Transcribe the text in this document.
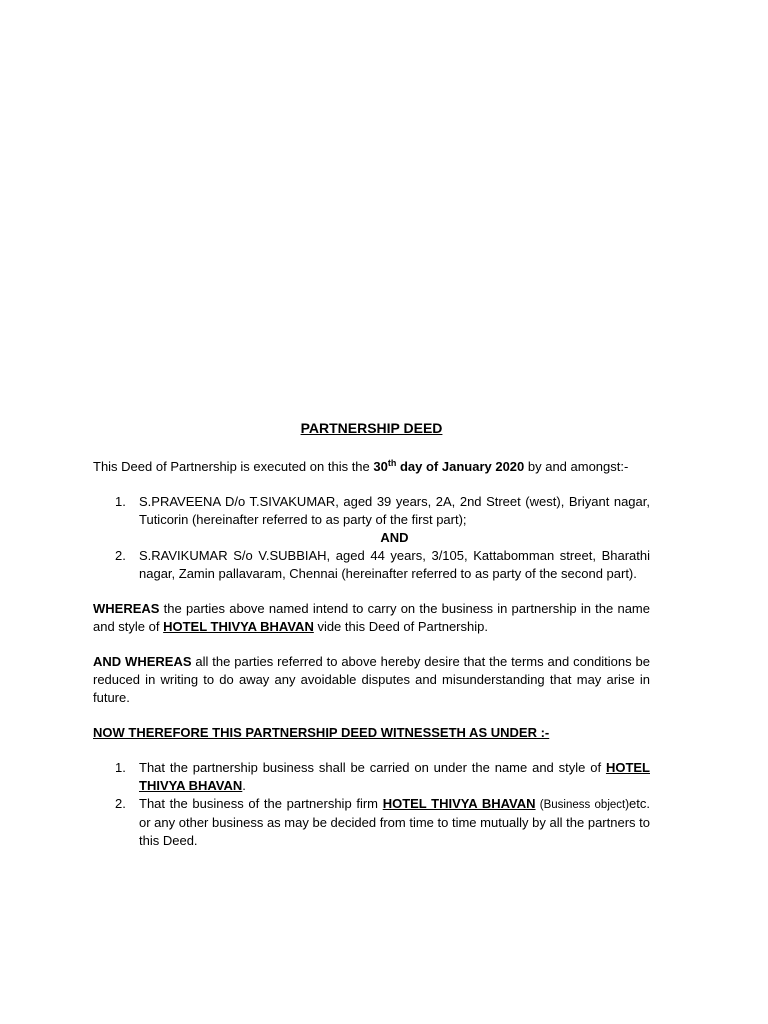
PARTNERSHIP DEED

This Deed of Partnership is executed on this the 30th day of January 2020 by and amongst:-

1. S.PRAVEENA D/o T.SIVAKUMAR, aged 39 years, 2A, 2nd Street (west), Briyant nagar, Tuticorin (hereinafter referred to as party of the first part);
AND
2. S.RAVIKUMAR S/o V.SUBBIAH, aged 44 years, 3/105, Kattabomman street, Bharathi nagar, Zamin pallavaram, Chennai (hereinafter referred to as party of the second part).

WHEREAS the parties above named intend to carry on the business in partnership in the name and style of HOTEL THIVYA BHAVAN vide this Deed of Partnership.

AND WHEREAS all the parties referred to above hereby desire that the terms and conditions be reduced in writing to do away any avoidable disputes and misunderstanding that may arise in future.

NOW THEREFORE THIS PARTNERSHIP DEED WITNESSETH AS UNDER :-
1. That the partnership business shall be carried on under the name and style of HOTEL THIVYA BHAVAN.
2. That the business of the partnership firm HOTEL THIVYA BHAVAN (Business object)etc. or any other business as may be decided from time to time mutually by all the partners to this Deed.
